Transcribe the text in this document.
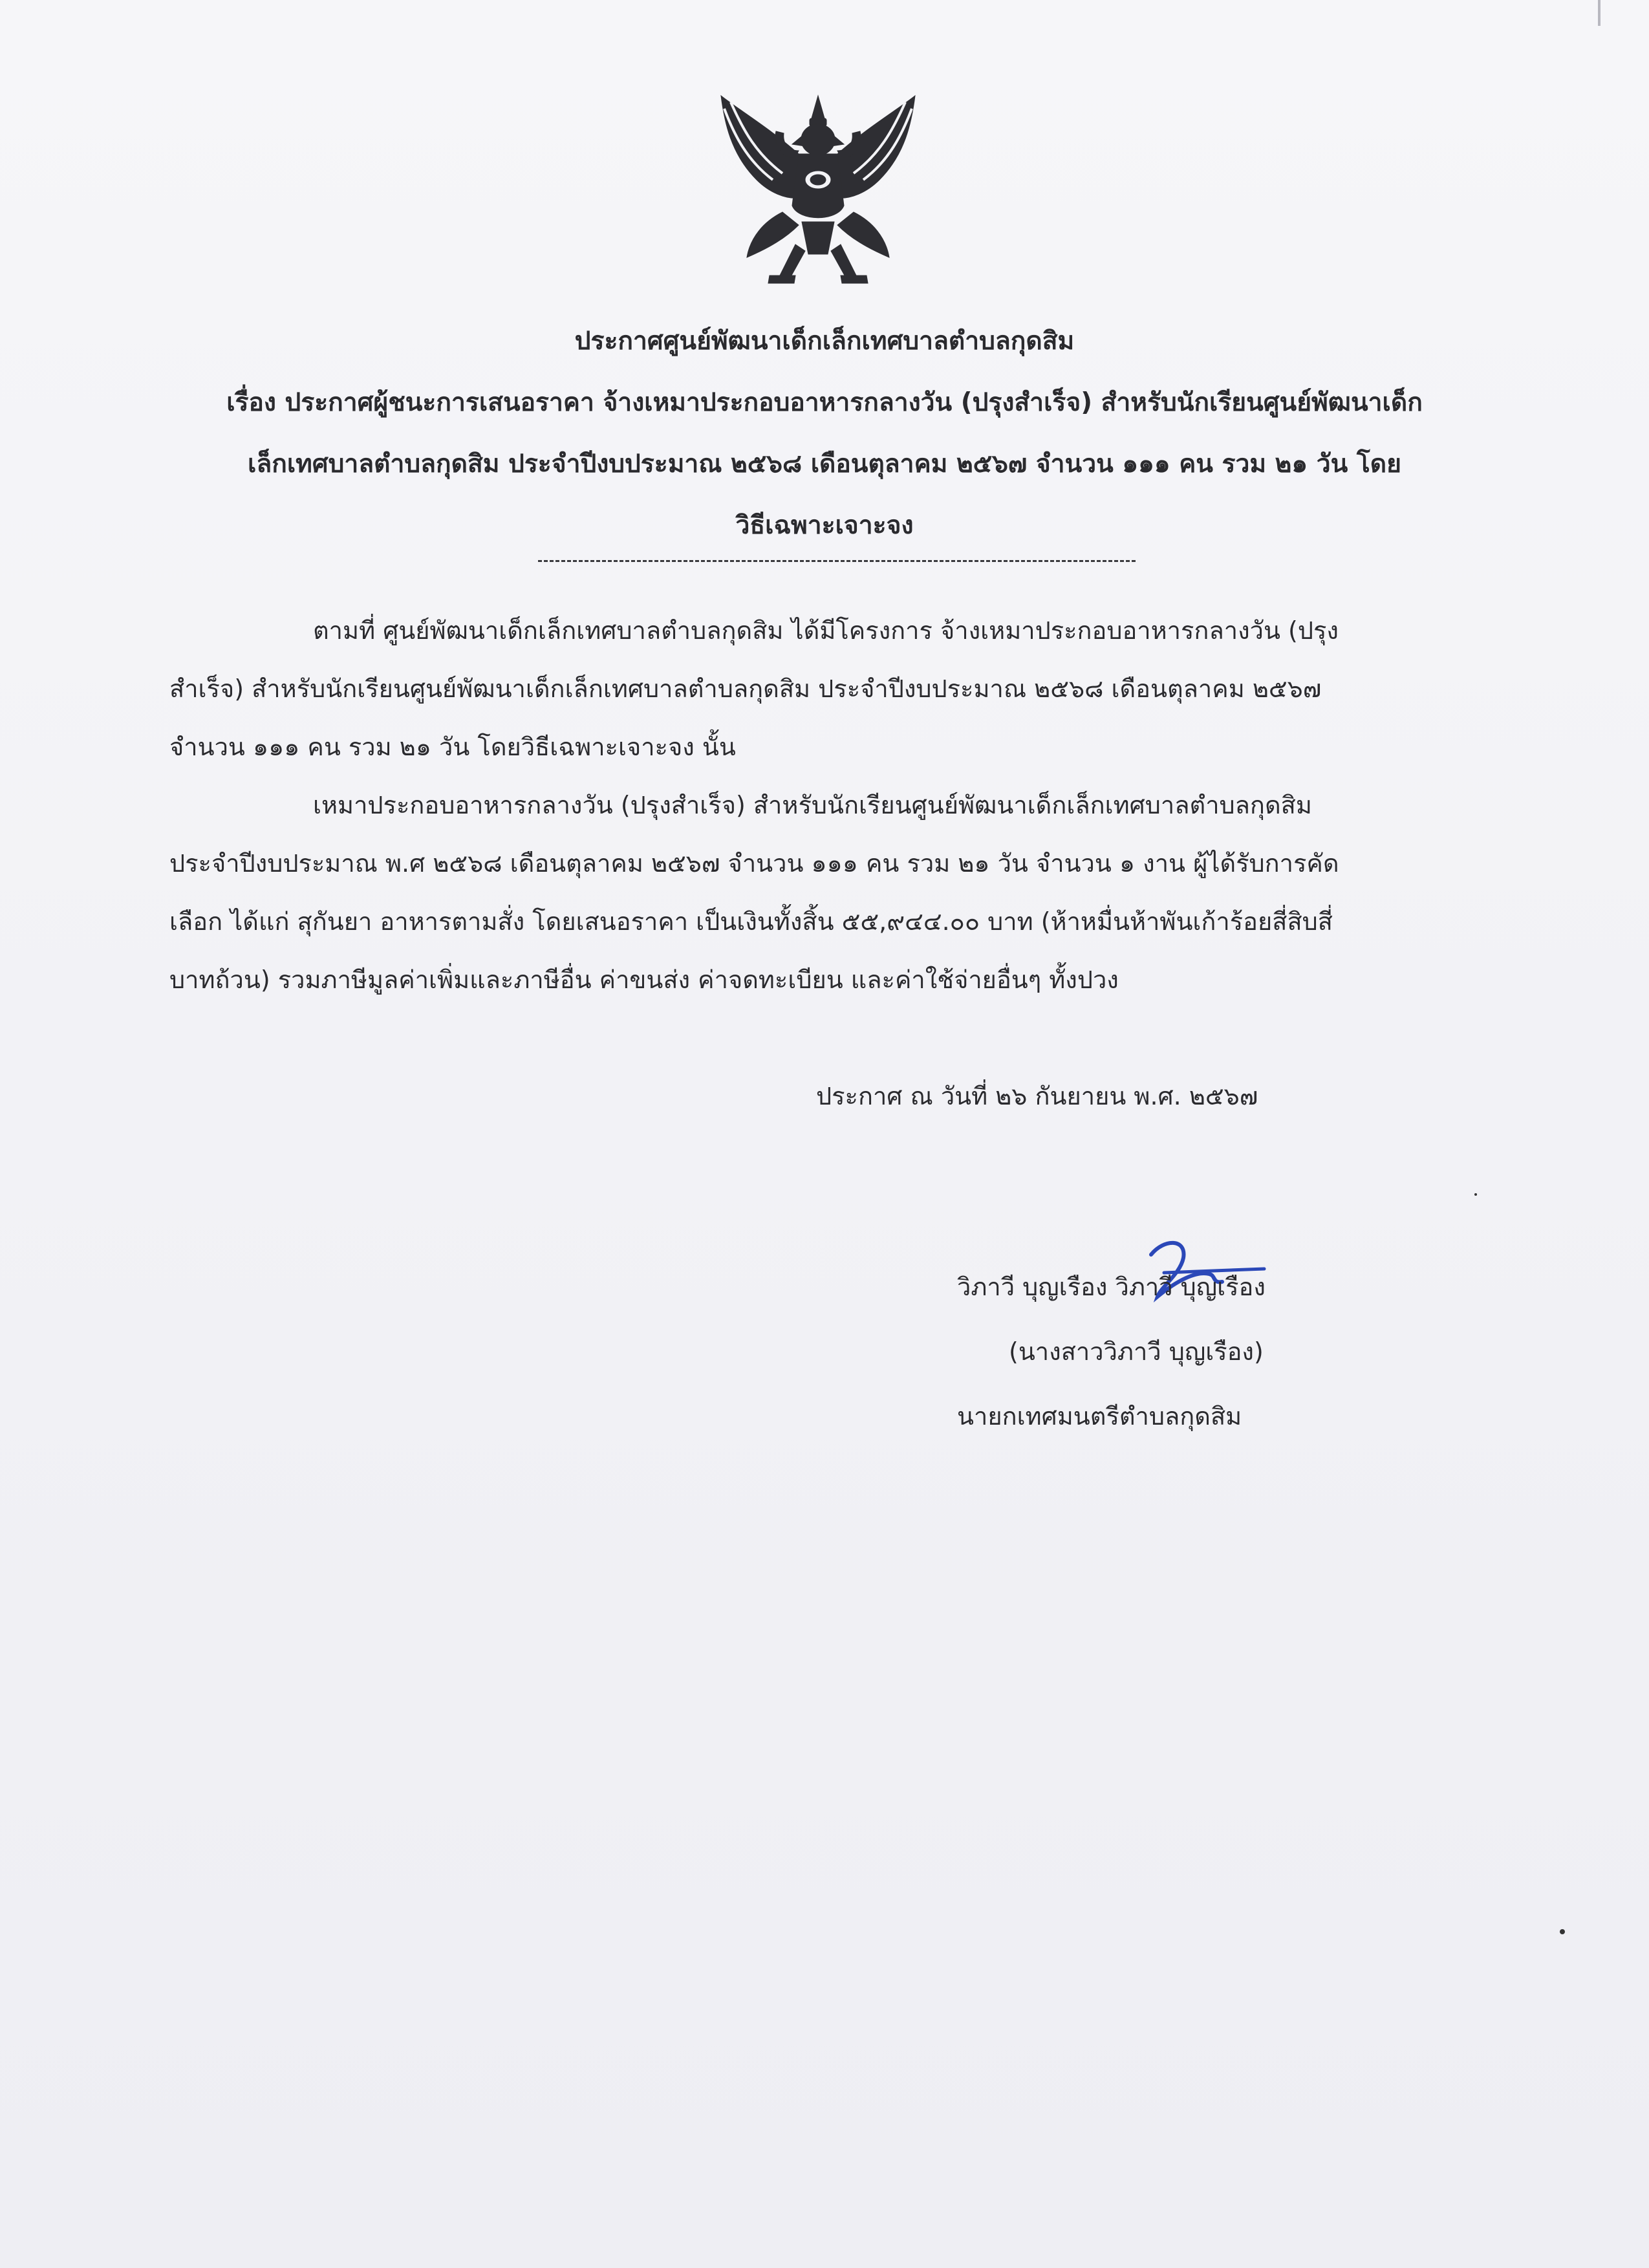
ประกาศศูนย์พัฒนาเด็กเล็กเทศบาลตำบลกุดสิม
เรื่อง ประกาศผู้ชนะการเสนอราคา จ้างเหมาประกอบอาหารกลางวัน (ปรุงสำเร็จ) สำหรับนักเรียนศูนย์พัฒนาเด็ก
เล็กเทศบาลตำบลกุดสิม ประจำปีงบประมาณ ๒๕๖๘ เดือนตุลาคม ๒๕๖๗ จำนวน ๑๑๑ คน รวม ๒๑ วัน โดย
วิธีเฉพาะเจาะจง
ตามที่ ศูนย์พัฒนาเด็กเล็กเทศบาลตำบลกุดสิม ได้มีโครงการ จ้างเหมาประกอบอาหารกลางวัน (ปรุง
สำเร็จ) สำหรับนักเรียนศูนย์พัฒนาเด็กเล็กเทศบาลตำบลกุดสิม ประจำปีงบประมาณ ๒๕๖๘ เดือนตุลาคม ๒๕๖๗
จำนวน ๑๑๑ คน รวม ๒๑ วัน โดยวิธีเฉพาะเจาะจง นั้น
เหมาประกอบอาหารกลางวัน (ปรุงสำเร็จ) สำหรับนักเรียนศูนย์พัฒนาเด็กเล็กเทศบาลตำบลกุดสิม
ประจำปีงบประมาณ พ.ศ ๒๕๖๘ เดือนตุลาคม ๒๕๖๗ จำนวน ๑๑๑ คน รวม ๒๑ วัน จำนวน ๑ งาน ผู้ได้รับการคัด
เลือก ได้แก่ สุกันยา อาหารตามสั่ง โดยเสนอราคา เป็นเงินทั้งสิ้น ๕๕,๙๔๔.๐๐ บาท (ห้าหมื่นห้าพันเก้าร้อยสี่สิบสี่
บาทถ้วน) รวมภาษีมูลค่าเพิ่มและภาษีอื่น ค่าขนส่ง ค่าจดทะเบียน และค่าใช้จ่ายอื่นๆ ทั้งปวง
ประกาศ ณ วันที่ ๒๖ กันยายน พ.ศ. ๒๕๖๗
วิภาวี บุญเรือง วิภาวี บุญเรือง
(นางสาววิภาวี บุญเรือง)
นายกเทศมนตรีตำบลกุดสิม
